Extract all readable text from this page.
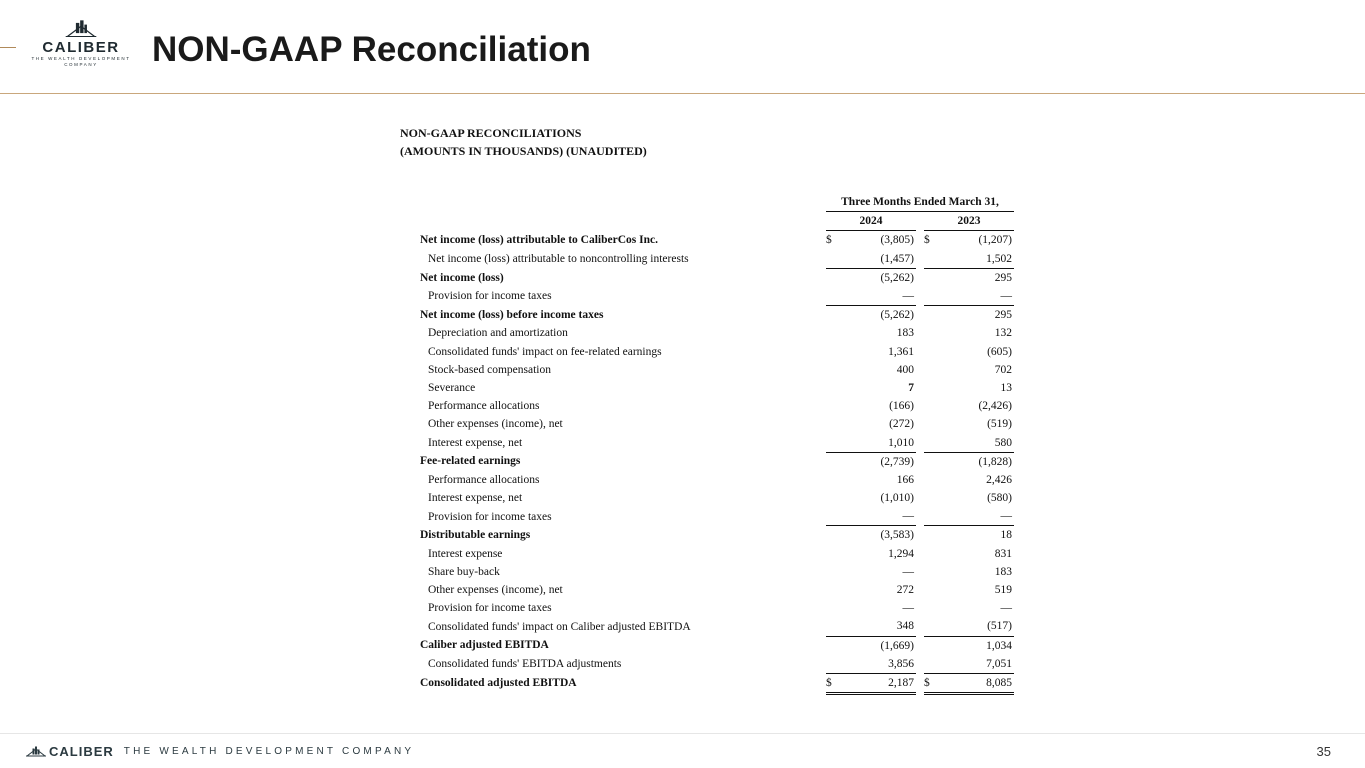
CALIBER
THE WEALTH DEVELOPMENT COMPANY	NON-GAAP Reconciliation

NON-GAAP RECONCILIATIONS

(AMOUNTS IN THOUSANDS) (UNAUDITED)

		Three Months Ended March 31,				
		2024			2023	
Net income (loss) attributable to CaliberCos Inc.		$	(3,805)		$	(1,207)
Net income (loss) attributable to noncontrolling interests			(1,457)			1,502
Net income (loss)			(5,262)			295
Provision for income taxes			—			—
Net income (loss) before income taxes			(5,262)			295
Depreciation and amortization			183			132
Consolidated funds' impact on fee-related earnings			1,361			(605)
Stock-based compensation			400			702
Severance			7			13
Performance allocations			(166)			(2,426)
Other expenses (income), net			(272)			(519)
Interest expense, net			1,010			580
Fee-related earnings			(2,739)			(1,828)
Performance allocations			166			2,426
Interest expense, net			(1,010)			(580)
Provision for income taxes			—			—
Distributable earnings			(3,583)			18
Interest expense			1,294			831
Share buy-back			—			183
Other expenses (income), net			272			519
Provision for income taxes			—			—
Consolidated funds' impact on Caliber adjusted EBITDA			348			(517)
Caliber adjusted EBITDA			(1,669)			1,034
Consolidated funds' EBITDA adjustments			3,856			7,051
Consolidated adjusted EBITDA		$	2,187		$	8,085
CALIBER THE WEALTH DEVELOPMENT COMPANY	35
